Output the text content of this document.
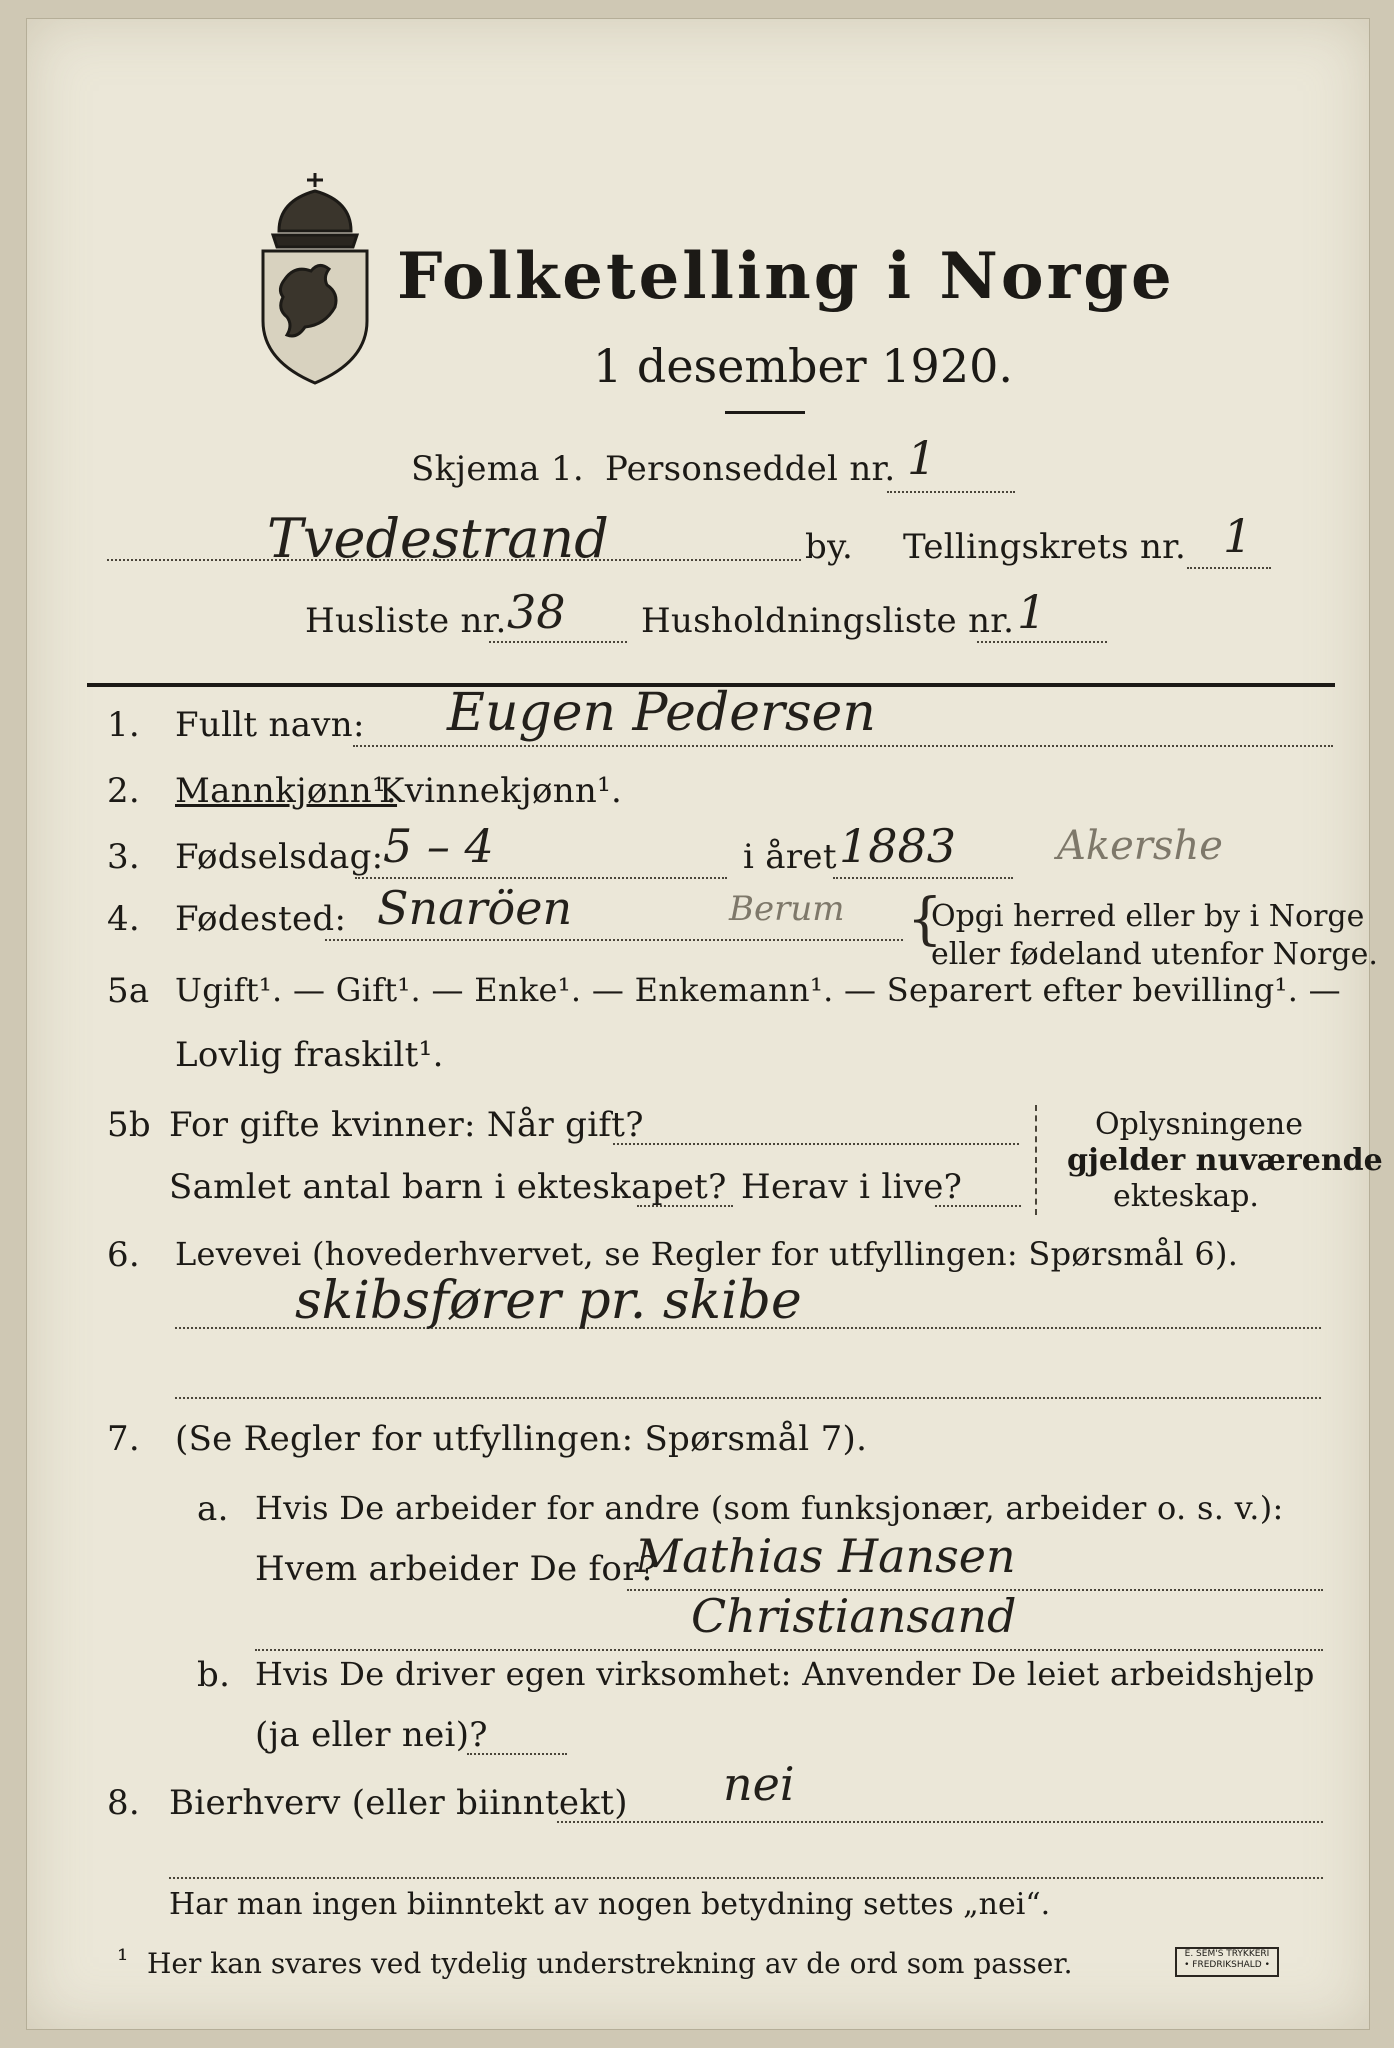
Folketelling i Norge
1 desember 1920.
Skjema 1. Personseddel nr. 1
Tvedestrand	by. Tellingskrets nr. 1
Husliste nr. 38 Husholdningsliste nr. 1
1. Fullt navn: Eugen Pedersen
2. Mannkjønn¹.
Kvinnekjønn¹.
3. Fødselsdag: 5 – 4	i året 1883	Akershe
4. Fødested: Snaröen	Berum {
Opgi herred eller by i Norge
eller fødeland utenfor Norge.
5a Ugift¹. — Gift¹. — Enke¹. — Enkemann¹. — Separert efter bevilling¹. —
Lovlig fraskilt¹.
5b For gifte kvinner: Når gift?
Samlet antal barn i ekteskapet? Herav i live?
Oplysningene
gjelder nuværende
ekteskap.
6. Levevei (hovederhvervet, se Regler for utfyllingen: Spørsmål 6).
skibsfører pr. skibe
7. (Se Regler for utfyllingen: Spørsmål 7).
a. Hvis De arbeider for andre (som funksjonær, arbeider o. s. v.):
Hvem arbeider De for?
Mathias Hansen
Christiansand
b. Hvis De driver egen virksomhet: Anvender De leiet arbeidshjelp
(ja eller nei)?
8. Bierhverv (eller biinntekt) nei
Har man ingen biinntekt av nogen betydning settes „nei“.
¹ Her kan svares ved tydelig understrekning av de ord som passer.	E. SEM'S TRYKKERI
• FREDRIKSHALD •
